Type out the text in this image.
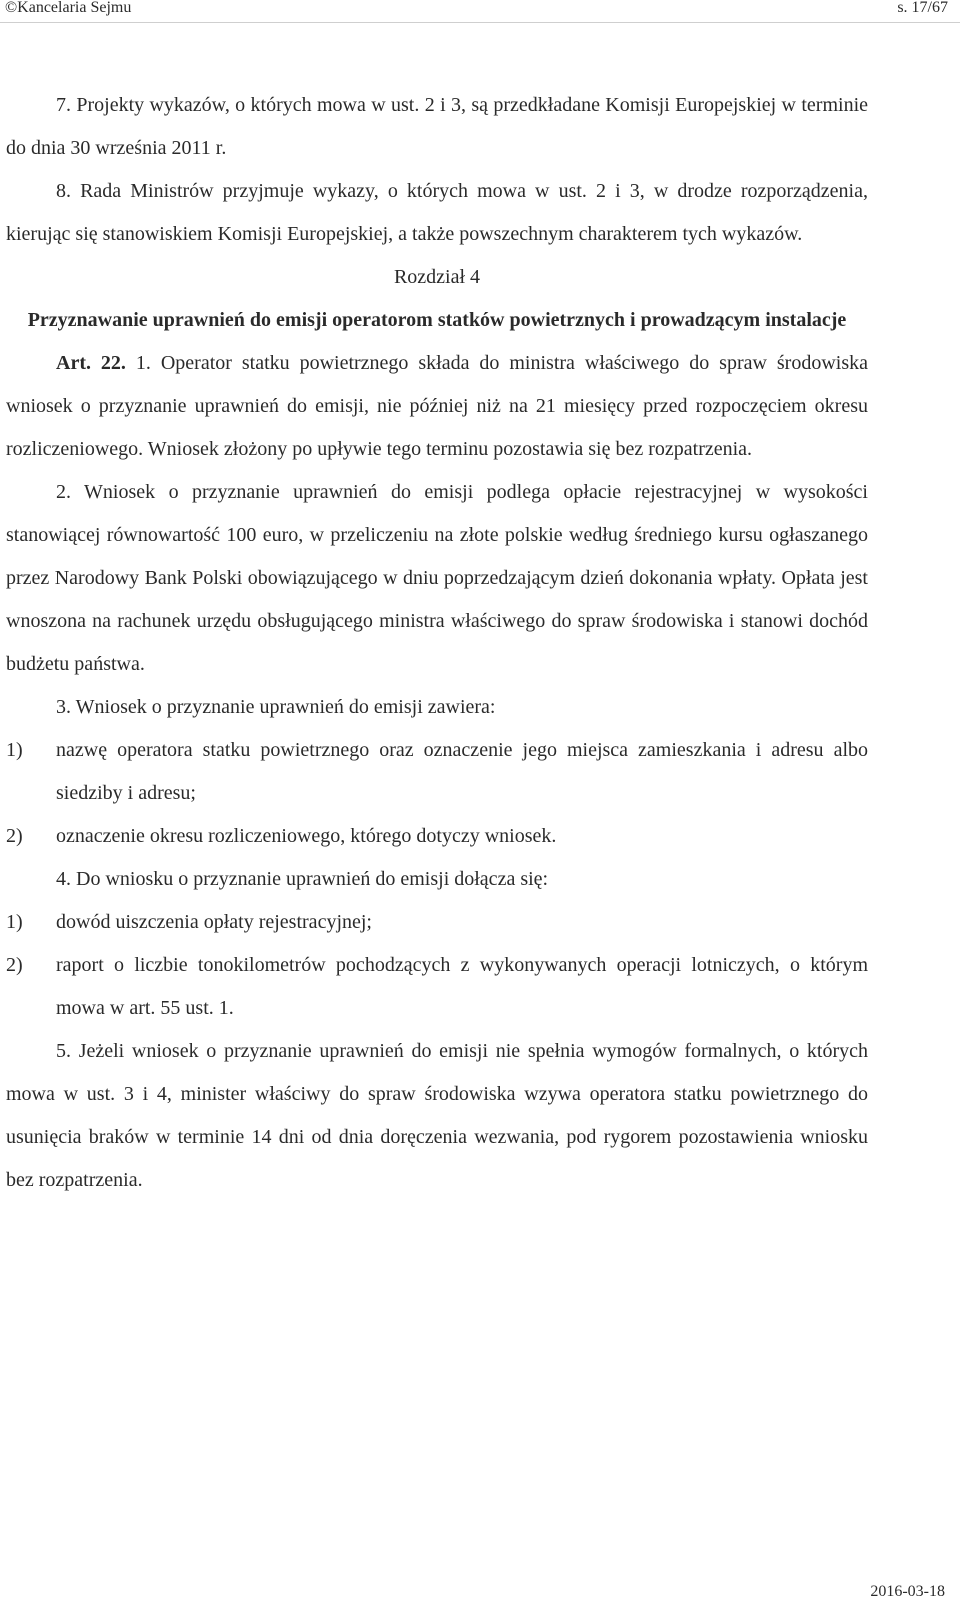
©Kancelaria Sejmu	s. 17/67

7. Projekty wykazów, o których mowa w ust. 2 i 3, są przedkładane Komisji Europejskiej w terminie do dnia 30 września 2011 r.

8. Rada Ministrów przyjmuje wykazy, o których mowa w ust. 2 i 3, w drodze rozporządzenia, kierując się stanowiskiem Komisji Europejskiej, a także powszechnym charakterem tych wykazów.

Rozdział 4

Przyznawanie uprawnień do emisji operatorom statków powietrznych i prowadzącym instalacje

Art. 22. 1. Operator statku powietrznego składa do ministra właściwego do spraw środowiska wniosek o przyznanie uprawnień do emisji, nie później niż na 21 miesięcy przed rozpoczęciem okresu rozliczeniowego. Wniosek złożony po upływie tego terminu pozostawia się bez rozpatrzenia.

2. Wniosek o przyznanie uprawnień do emisji podlega opłacie rejestracyjnej w wysokości stanowiącej równowartość 100 euro, w przeliczeniu na złote polskie według średniego kursu ogłaszanego przez Narodowy Bank Polski obowiązującego w dniu poprzedzającym dzień dokonania wpłaty. Opłata jest wnoszona na rachunek urzędu obsługującego ministra właściwego do spraw środowiska i stanowi dochód budżetu państwa.

3. Wniosek o przyznanie uprawnień do emisji zawiera:

1)	nazwę operatora statku powietrznego oraz oznaczenie jego miejsca zamieszkania i adresu albo siedziby i adresu;
2)	oznaczenie okresu rozliczeniowego, którego dotyczy wniosek.

4. Do wniosku o przyznanie uprawnień do emisji dołącza się:

1)	dowód uiszczenia opłaty rejestracyjnej;
2)	raport o liczbie tonokilometrów pochodzących z wykonywanych operacji lotniczych, o którym mowa w art. 55 ust. 1.

5. Jeżeli wniosek o przyznanie uprawnień do emisji nie spełnia wymogów formalnych, o których mowa w ust. 3 i 4, minister właściwy do spraw środowiska wzywa operatora statku powietrznego do usunięcia braków w terminie 14 dni od dnia doręczenia wezwania, pod rygorem pozostawienia wniosku bez rozpatrzenia.

2016-03-18
